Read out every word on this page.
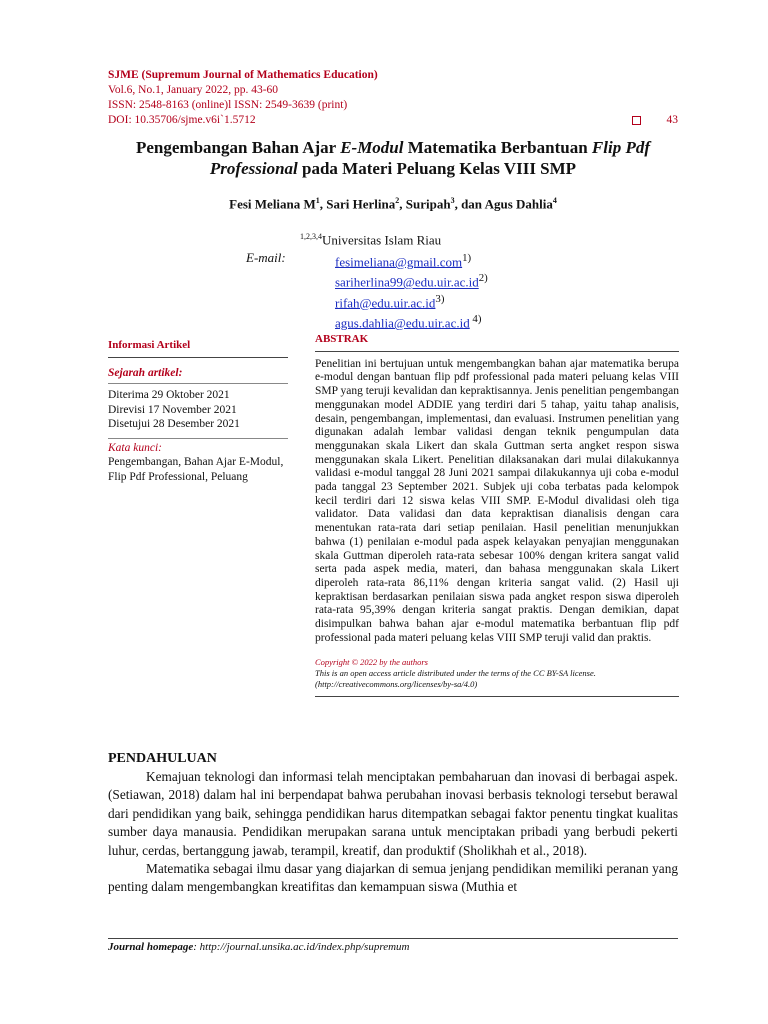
SJME (Supremum Journal of Mathematics Education)
Vol.6, No.1, January 2022, pp. 43-60
ISSN: 2548-8163 (online)l ISSN: 2549-3639 (print)
DOI: 10.35706/sjme.v6i`1.5712	43
Pengembangan Bahan Ajar E-Modul Matematika Berbantuan Flip Pdf Professional pada Materi Peluang Kelas VIII SMP
Fesi Meliana $M^1$, Sari Herlina$^2$, Suripah$^3$, dan Agus Dahlia$^4$
$^{1,2,3,4}$Universitas Islam Riau
E-mail:	fesimeliana@gmail.com$^{1)}$
$sariherlina99@edu.uir.ac.id^{2)}$
$rifah@edu.uir.ac.id^{3)}$
agus.dahlia@edu.uir.ac.id $^{4)}$
Informasi Artikel
Sejarah artikel:
Diterima 29 Oktober 2021
Direvisi 17 November 2021
Disetujui 28 Desember 2021
Kata kunci:
Pengembangan, Bahan Ajar E-Modul, Flip Pdf Professional, Peluang
ABSTRAK
Penelitian ini bertujuan untuk mengembangkan bahan ajar matematika berupa e-modul dengan bantuan flip pdf professional pada materi peluang kelas VIII SMP yang teruji kevalidan dan kepraktisannya. Jenis penelitian pengembangan menggunakan model ADDIE yang terdiri dari 5 tahap, yaitu tahap analisis, desain, pengembangan, implementasi, dan evaluasi. Instrumen penelitian yang digunakan adalah lembar validasi dengan teknik pengumpulan data menggunakan skala Likert dan skala Guttman serta angket respon siswa menggunakan skala Likert. Penelitian dilaksanakan dari mulai dilakukannya validasi e-modul tanggal 28 Juni 2021 sampai dilakukannya uji coba e-modul pada tanggal 23 September 2021. Subjek uji coba terbatas pada kelompok kecil terdiri dari 12 siswa kelas VIII SMP. E-Modul divalidasi oleh tiga validator. Data validasi dan data kepraktisan dianalisis dengan cara menentukan rata-rata dari setiap penilaian. Hasil penelitian menunjukkan bahwa (1) penilaian e-modul pada aspek kelayakan penyajian menggunakan skala Guttman diperoleh rata-rata sebesar 100% dengan kritera sangat valid serta pada aspek media, materi, dan bahasa menggunakan skala Likert diperoleh rata-rata 86,11% dengan kriteria sangat valid. (2) Hasil uji kepraktisan berdasarkan penilaian siswa pada angket respon siswa diperoleh rata-rata 95,39% dengan kriteria sangat praktis. Dengan demikian, dapat disimpulkan bahwa bahan ajar e-modul matematika berbantuan flip pdf professional pada materi peluang kelas VIII SMP teruji valid dan praktis.
Copyright © 2022 by the authors
This is an open access article distributed under the terms of the CC BY-SA license.
(http://creativecommons.org/licenses/by-sa/4.0)
PENDAHULUAN

Kemajuan teknologi dan informasi telah menciptakan pembaharuan dan inovasi di berbagai aspek. (Setiawan, 2018) dalam hal ini berpendapat bahwa perubahan inovasi berbasis teknologi tersebut berawal dari pendidikan yang baik, sehingga pendidikan harus ditempatkan sebagai faktor penentu tingkat kualitas sumber daya manausia. Pendidikan merupakan sarana untuk menciptakan pribadi yang berbudi pekerti luhur, cerdas, bertanggung jawab, terampil, kreatif, dan produktif (Sholikhah et al., 2018).

Matematika sebagai ilmu dasar yang diajarkan di semua jenjang pendidikan memiliki peranan yang penting dalam mengembangkan kreatifitas dan kemampuan siswa (Muthia et

Journal homepage: http://journal.unsika.ac.id/index.php/supremum
